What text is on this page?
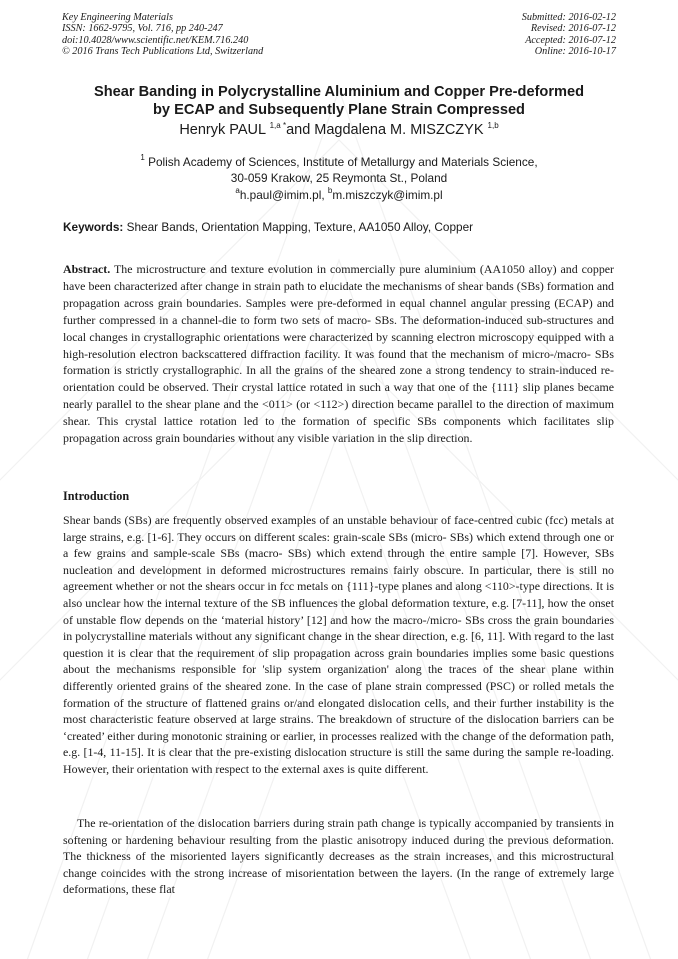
Key Engineering Materials
ISSN: 1662-9795, Vol. 716, pp 240-247
doi:10.4028/www.scientific.net/KEM.716.240
© 2016 Trans Tech Publications Ltd, Switzerland
Submitted: 2016-02-12
Revised: 2016-07-12
Accepted: 2016-07-12
Online: 2016-10-17
Shear Banding in Polycrystalline Aluminium and Copper Pre-deformed
by ECAP and Subsequently Plane Strain Compressed
Henryk PAUL $^{1,a *}$and Magdalena M. MISZCZYK $^{1,b}$
$^1$ Polish Academy of Sciences, Institute of Metallurgy and Materials Science,
30-059 Krakow, 25 Reymonta St., Poland
$^a$h.paul@imim.pl, $^b$m.miszczyk@imim.pl
Keywords: Shear Bands, Orientation Mapping, Texture, AA1050 Alloy, Copper

Abstract. The microstructure and texture evolution in commercially pure aluminium (AA1050 alloy) and copper have been characterized after change in strain path to elucidate the mechanisms of shear bands (SBs) formation and propagation across grain boundaries. Samples were pre-deformed in equal channel angular pressing (ECAP) and further compressed in a channel-die to form two sets of macro- SBs. The deformation-induced sub-structures and local changes in crystallographic orientations were characterized by scanning electron microscopy equipped with a high-resolution electron backscattered diffraction facility. It was found that the mechanism of micro-/macro- SBs formation is strictly crystallographic. In all the grains of the sheared zone a strong tendency to strain-induced re-orientation could be observed. Their crystal lattice rotated in such a way that one of the {111} slip planes became nearly parallel to the shear plane and the <011> (or <112>) direction became parallel to the direction of maximum shear. This crystal lattice rotation led to the formation of specific SBs components which facilitates slip propagation across grain boundaries without any visible variation in the slip direction.

Introduction

Shear bands (SBs) are frequently observed examples of an unstable behaviour of face-centred cubic (fcc) metals at large strains, e.g. [1-6]. They occurs on different scales: grain-scale SBs (micro- SBs) which extend through one or a few grains and sample-scale SBs (macro- SBs) which extend through the entire sample [7]. However, SBs nucleation and development in deformed microstructures remains fairly obscure. In particular, there is still no agreement whether or not the shears occur in fcc metals on {111}-type planes and along <110>-type directions. It is also unclear how the internal texture of the SB influences the global deformation texture, e.g. [7-11], how the onset of unstable flow depends on the ‘material history’ [12] and how the macro-/micro- SBs cross the grain boundaries in polycrystalline materials without any significant change in the shear direction, e.g. [6, 11]. With regard to the last question it is clear that the requirement of slip propagation across grain boundaries implies some basic questions about the mechanisms responsible for 'slip system organization' along the traces of the shear plane within differently oriented grains of the sheared zone. In the case of plane strain compressed (PSC) or rolled metals the formation of the structure of flattened grains or/and elongated dislocation cells, and their further instability is the most characteristic feature observed at large strains. The breakdown of structure of the dislocation barriers can be ‘created’ either during monotonic straining or earlier, in processes realized with the change of the deformation path, e.g. [1-4, 11-15]. It is clear that the pre-existing dislocation structure is still the same during the sample re-loading. However, their orientation with respect to the external axes is quite different.

The re-orientation of the dislocation barriers during strain path change is typically accompanied by transients in softening or hardening behaviour resulting from the plastic anisotropy induced during the previous deformation. The thickness of the misoriented layers significantly decreases as the strain increases, and this microstructural change coincides with the strong increase of misorientation between the layers. (In the range of extremely large deformations, these flat
